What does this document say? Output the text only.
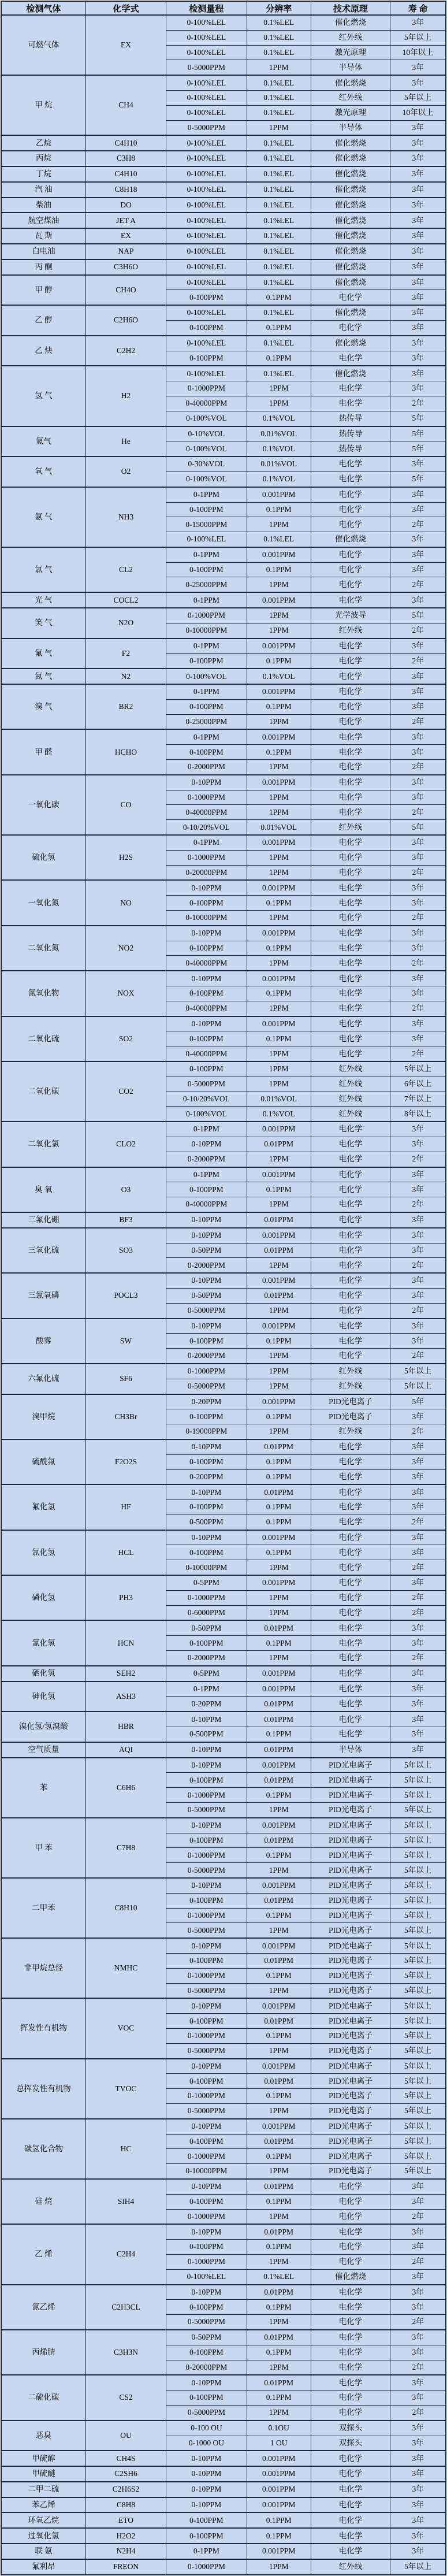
检测气体	化学式	检测量程	分辨率	技术原理	寿 命
可燃气体	EX	0-100%LEL	0.1%LEL	催化燃烧	3年
		0-100%LEL	0.1%LEL	红外线	5年以上
		0-100%LEL	0.1%LEL	激光原理	10年以上
		0-5000PPM	1PPM	半导体	3年
甲 烷	CH4	0-100%LEL	0.1%LEL	催化燃烧	3年
		0-100%LEL	0.1%LEL	红外线	5年以上
		0-100%LEL	0.1%LEL	激光原理	10年以上
		0-5000PPM	1PPM	半导体	3年
乙烷	C4H10	0-100%LEL	0.1%LEL	催化燃烧	3年
丙烷	C3H8	0-100%LEL	0.1%LEL	催化燃烧	3年
丁烷	C4H10	0-100%LEL	0.1%LEL	催化燃烧	3年
汽 油	C8H18	0-100%LEL	0.1%LEL	催化燃烧	3年
柴油	DO	0-100%LEL	0.1%LEL	催化燃烧	3年
航空煤油	JET A	0-100%LEL	0.1%LEL	催化燃烧	3年
瓦 斯	EX	0-100%LEL	0.1%LEL	催化燃烧	3年
白电油	NAP	0-100%LEL	0.1%LEL	催化燃烧	3年
丙 酮	C3H6O	0-100%LEL	0.1%LEL	催化燃烧	3年
甲 醇	CH4O	0-100%LEL	0.1%LEL	催化燃烧	3年
		0-100PPM	0.1PPM	电化学	3年
乙 醇	C2H6O	0-100%LEL	0.1%LEL	催化燃烧	3年
		0-100PPM	0.1PPM	电化学	3年
乙 炔	C2H2	0-100%LEL	0.1%LEL	催化燃烧	3年
		0-100PPM	0.1PPM	电化学	3年
氢 气	H2	0-100%LEL	0.1%LEL	催化燃烧	3年
		0-1000PPM	1PPM	电化学	3年
		0-40000PPM	1PPM	电化学	2年
		0-100%VOL	0.1%VOL	热传导	5年
氦气	He	0-10%VOL	0.01%VOL	热传导	5年
		0-100%VOL	0.1%VOL	热传导	5年
氧 气	O2	0-30%VOL	0.01%VOL	电化学	3年
		0-100%VOL	0.1%VOL	电化学	5年
氨 气	NH3	0-1PPM	0.001PPM	电化学	3年
		0-100PPM	0.1PPM	电化学	3年
		0-15000PPM	1PPM	电化学	2年
		0-100%LEL	0.1%LEL	催化燃烧	3年
氯 气	CL2	0-1PPM	0.001PPM	电化学	3年
		0-100PPM	0.1PPM	电化学	3年
		0-25000PPM	1PPM	电化学	2年
光 气	COCL2	0-1PPM	0.001PPM	电化学	3年
笑 气	N2O	0-1000PPM	1PPM	光学波导	5年
		0-10000PPM	1PPM	红外线	2年
氟 气	F2	0-1PPM	0.001PPM	电化学	3年
		0-100PPM	0.1PPM	电化学	2年
氮 气	N2	0-100%VOL	0.1%VOL	电化学	3年
溴 气	BR2	0-1PPM	0.001PPM	电化学	3年
		0-100PPM	0.1PPM	电化学	3年
		0-25000PPM	1PPM	电化学	2年
甲 醛	HCHO	0-1PPM	0.001PPM	电化学	3年
		0-100PPM	0.1PPM	电化学	3年
		0-2000PPM	1PPM	电化学	2年
一氧化碳	CO	0-10PPM	0.001PPM	电化学	3年
		0-1000PPM	1PPM	电化学	3年
		0-40000PPM	1PPM	电化学	2年
		0-10/20%VOL	0.01%VOL	红外线	5年
硫化氢	H2S	0-1PPM	0.001PPM	电化学	3年
		0-1000PPM	1PPM	电化学	3年
		0-20000PPM	1PPM	电化学	2年
一氧化氮	NO	0-10PPM	0.001PPM	电化学	3年
		0-100PPM	0.1PPM	电化学	3年
		0-10000PPM	1PPM	电化学	2年
二氧化氮	NO2	0-10PPM	0.001PPM	电化学	3年
		0-100PPM	0.1PPM	电化学	3年
		0-40000PPM	1PPM	电化学	2年
氮氧化物	NOX	0-10PPM	0.001PPM	电化学	3年
		0-100PPM	0.1PPM	电化学	3年
		0-40000PPM	1PPM	电化学	2年
二氧化硫	SO2	0-10PPM	0.001PPM	电化学	3年
		0-100PPM	0.1PPM	电化学	3年
		0-40000PPM	1PPM	电化学	2年
二氧化碳	CO2	0-100PPM	1PPM	红外线	5年以上
		0-5000PPM	1PPM	红外线	6年以上
		0-10/20%VOL	0.01%VOL	红外线	7年以上
		0-100%VOL	0.1%VOL	红外线	8年以上
二氧化氯	CLO2	0-1PPM	0.001PPM	电化学	3年
		0-10PPM	0.01PPM	电化学	3年
		0-2000PPM	1PPM	电化学	2年
臭 氧	O3	0-1PPM	0.001PPM	电化学	3年
		0-100PPM	0.1PPM	电化学	3年
		0-40000PPM	1PPM	电化学	2年
三氟化硼	BF3	0-10PPM	0.01PPM	电化学	3年
三氧化硫	SO3	0-10PPM	0.001PPM	电化学	3年
		0-50PPM	0.01PPM	电化学	3年
		0-2000PPM	1PPM	电化学	2年
三氯氧磷	POCL3	0-10PPM	0.001PPM	电化学	3年
		0-50PPM	0.01PPM	电化学	3年
		0-5000PPM	1PPM	电化学	2年
酸雾	SW	0-10PPM	0.001PPM	电化学	3年
		0-100PPM	0.1PPM	电化学	3年
		0-2000PPM	1PPM	电化学	2年
六氟化硫	SF6	0-1000PPM	1PPM	红外线	5年以上
		0-5000PPM	1PPM	红外线	5年以上
溴甲烷	CH3Br	0-20PPM	0.001PPM	PID光电离子	5年
		0-100PPM	0.1PPM	PID光电离子	3年
		0-19000PPM	1PPM	红外线	2年
硫酰氟	F2O2S	0-10PPM	0.01PPM	电化学	3年
		0-100PPM	0.1PPM	电化学	3年
		0-200PPM	0.1PPM	电化学	3年
氟化氢	HF	0-10PPM	0.01PPM	电化学	3年
		0-100PPM	0.1PPM	电化学	3年
		0-500PPM	0.1PPM	电化学	2年
氯化氢	HCL	0-10PPM	0.001PPM	电化学	3年
		0-100PPM	0.1PPM	电化学	3年
		0-10000PPM	1PPM	电化学	2年
磷化氢	PH3	0-5PPM	0.001PPM	电化学	3年
		0-1000PPM	1PPM	电化学	2年
		0-6000PPM	1PPM	电化学	2年
氰化氢	HCN	0-50PPM	0.01PPM	电化学	3年
		0-100PPM	0.1PPM	电化学	3年
		0-2000PPM	1PPM	电化学	2年
硒化氢	SEH2	0-5PPM	0.001PPM	电化学	3年
砷化氢	ASH3	0-1PPM	0.001PPM	电化学	3年
		0-20PPM	0.01PPM	电化学	3年
溴化氢/氢溴酸	HBR	0-10PPM	0.01PPM	电化学	3年
		0-500PPM	0.1PPM	电化学	3年
空气质量	AQI	0-10PPM	0.01PPM	半导体	3年
苯	C6H6	0-10PPM	0.001PPM	PID光电离子	5年以上
		0-100PPM	0.01PPM	PID光电离子	5年以上
		0-1000PPM	0.1PPM	PID光电离子	5年以上
		0-5000PPM	1PPM	PID光电离子	5年以上
甲 苯	C7H8	0-10PPM	0.001PPM	PID光电离子	5年以上
		0-100PPM	0.01PPM	PID光电离子	5年以上
		0-1000PPM	0.1PPM	PID光电离子	5年以上
		0-5000PPM	1PPM	PID光电离子	5年以上
二甲苯	C8H10	0-10PPM	0.001PPM	PID光电离子	5年以上
		0-100PPM	0.01PPM	PID光电离子	5年以上
		0-1000PPM	0.1PPM	PID光电离子	5年以上
		0-5000PPM	1PPM	PID光电离子	5年以上
非甲烷总烃	NMHC	0-10PPM	0.001PPM	PID光电离子	5年以上
		0-100PPM	0.01PPM	PID光电离子	5年以上
		0-1000PPM	0.1PPM	PID光电离子	5年以上
		0-5000PPM	1PPM	PID光电离子	5年以上
挥发性有机物	VOC	0-10PPM	0.001PPM	PID光电离子	5年以上
		0-100PPM	0.01PPM	PID光电离子	5年以上
		0-1000PPM	0.1PPM	PID光电离子	5年以上
		0-5000PPM	1PPM	PID光电离子	5年以上
总挥发性有机物	TVOC	0-10PPM	0.001PPM	PID光电离子	5年以上
		0-100PPM	0.01PPM	PID光电离子	5年以上
		0-1000PPM	0.1PPM	PID光电离子	5年以上
		0-5000PPM	1PPM	PID光电离子	5年以上
碳氢化合物	HC	0-10PPM	0.001PPM	PID光电离子	5年以上
		0-100PPM	0.01PPM	PID光电离子	5年以上
		0-1000PPM	0.1PPM	PID光电离子	5年以上
		0-10000PPM	1PPM	PID光电离子	5年以上
硅 烷	SIH4	0-10PPM	0.01PPM	电化学	3年
		0-100PPM	0.1PPM	电化学	3年
		0-1000PPM	1PPM	电化学	2年
乙 烯	C2H4	0-10PPM	0.01PPM	电化学	3年
		0-100PPM	0.1PPM	电化学	3年
		0-1000PPM	1PPM	电化学	2年
		0-100%LEL	0.1%LEL	催化燃烧	3年
氯乙烯	C2H3CL	0-10PPM	0.01PPM	电化学	3年
		0-100PPM	0.1PPM	电化学	3年
		0-5000PPM	1PPM	电化学	2年
丙烯腈	C3H3N	0-50PPM	0.01PPM	电化学	3年
		0-100PPM	0.1PPM	电化学	3年
		0-20000PPM	1PPM	电化学	2年
二硫化碳	CS2	0-10PPM	0.01PPM	电化学	3年
		0-100PPM	0.1PPM	电化学	3年
		0-5000PPM	1PPM	电化学	2年
恶臭	OU	0-100 OU	0.1OU	双探头	3年
		0-1000 OU	1 OU	双探头	3年
甲硫醇	CH4S	0-10PPM	0.001PPM	电化学	3年
甲硫醚	C2SH6	0-10PPM	0.001PPM	电化学	3年
二甲二硫	C2H6S2	0-10PPM	0.001PPM	电化学	3年
苯乙烯	C8H8	0-10PPM	0.001PPM	电化学	3年
环氧乙烷	ETO	0-100PPM	0.1PPM	电化学	3年
过氧化氢	H2O2	0-100PPM	0.1PPM	电化学	3年
联 氨	N2H4	0-1PPM	0.001PPM	电化学	3年
氟利昂	FREON	0-1000PPM	1PPM	红外线	5年以上
